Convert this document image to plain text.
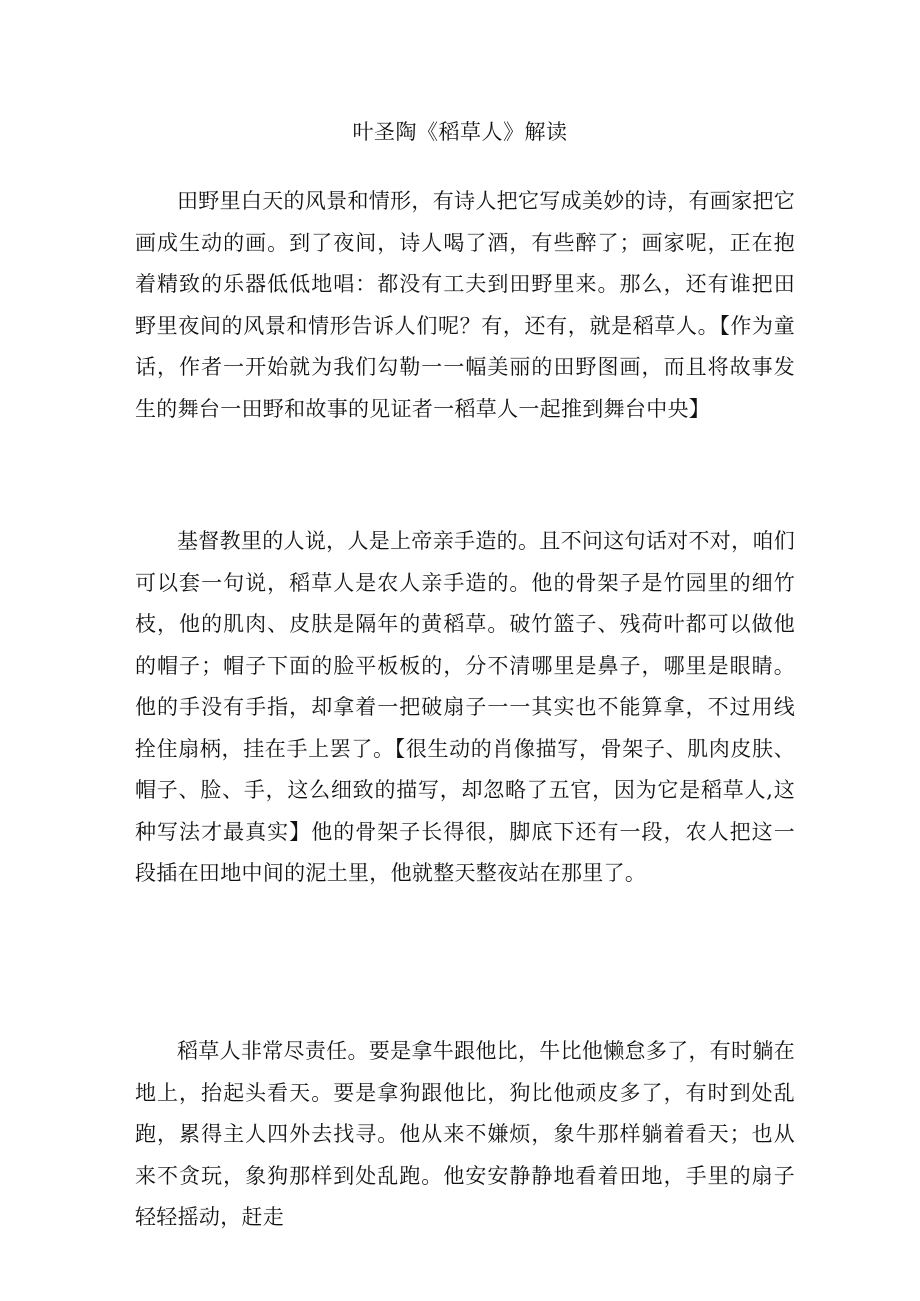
叶圣陶《稻草人》解读

田野里白天的风景和情形，有诗人把它写成美妙的诗，有画家把它画成生动的画。到了夜间，诗人喝了酒，有些醉了；画家呢，正在抱着精致的乐器低低地唱：都没有工夫到田野里来。那么，还有谁把田野里夜间的风景和情形告诉人们呢？有，还有，就是稻草人。【作为童话，作者一开始就为我们勾勒一一幅美丽的田野图画，而且将故事发生的舞台一田野和故事的见证者一稻草人一起推到舞台中央】

基督教里的人说，人是上帝亲手造的。且不问这句话对不对，咱们可以套一句说，稻草人是农人亲手造的。他的骨架子是竹园里的细竹枝，他的肌肉、皮肤是隔年的黄稻草。破竹篮子、残荷叶都可以做他的帽子；帽子下面的脸平板板的，分不清哪里是鼻子，哪里是眼睛。他的手没有手指，却拿着一把破扇子一一其实也不能算拿，不过用线拴住扇柄，挂在手上罢了。【很生动的肖像描写，骨架子、肌肉皮肤、帽子、脸、手，这么细致的描写，却忽略了五官，因为它是稻草人,这种写法才最真实】他的骨架子长得很，脚底下还有一段，农人把这一段插在田地中间的泥土里，他就整天整夜站在那里了。

稻草人非常尽责任。要是拿牛跟他比，牛比他懒怠多了，有时躺在地上，抬起头看天。要是拿狗跟他比，狗比他顽皮多了，有时到处乱跑，累得主人四外去找寻。他从来不嫌烦，象牛那样躺着看天；也从来不贪玩，象狗那样到处乱跑。他安安静静地看着田地，手里的扇子轻轻摇动，赶走
